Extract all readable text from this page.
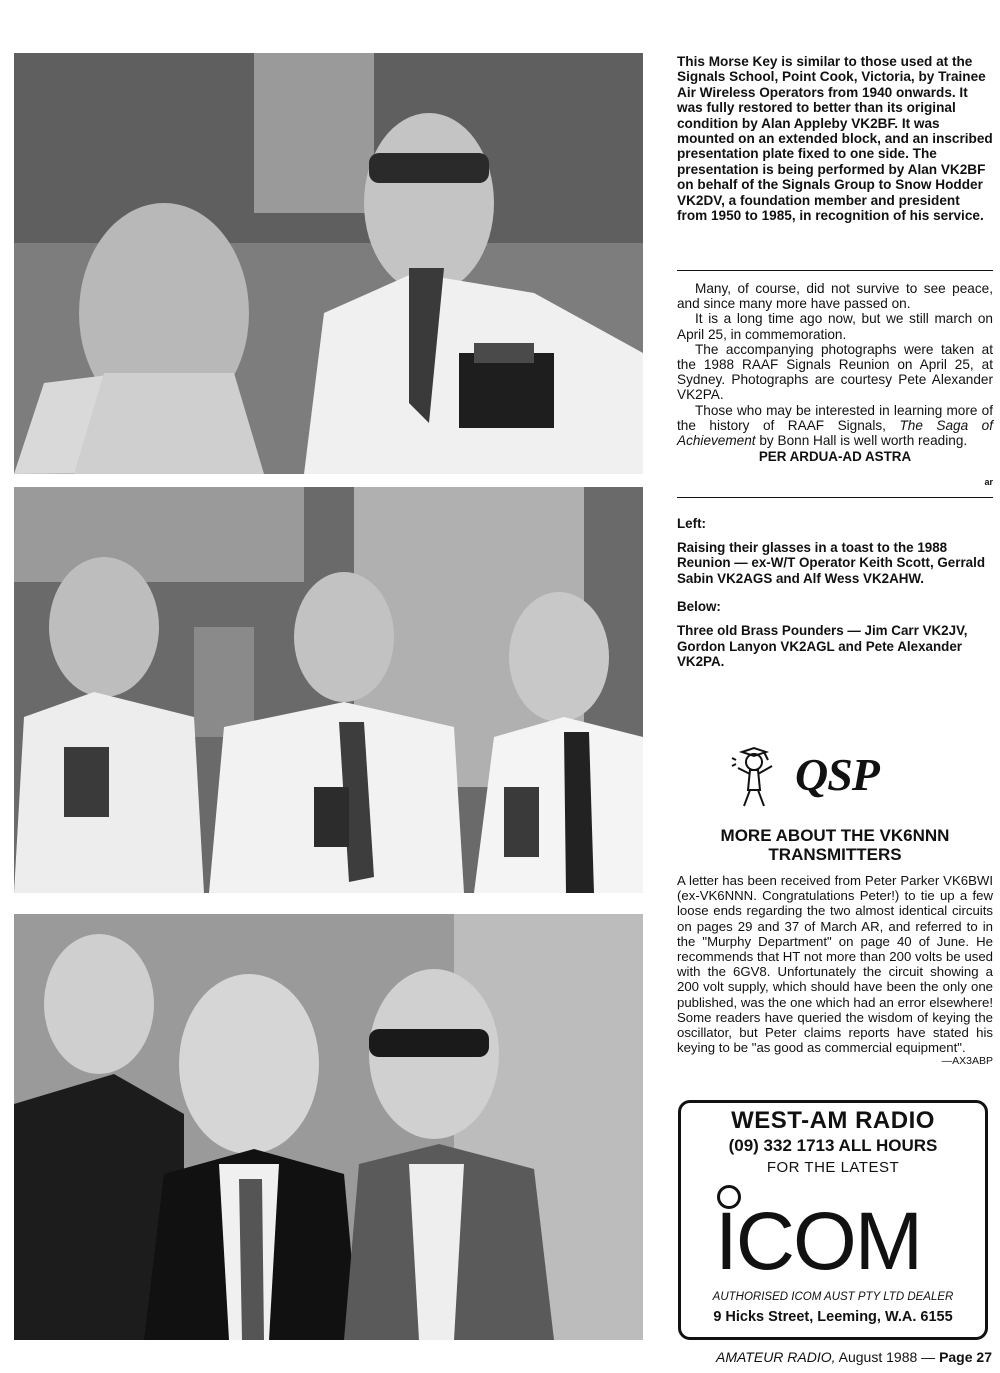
This Morse Key is similar to those used at the Signals School, Point Cook, Victoria, by Trainee Air Wireless Operators from 1940 onwards. It was fully restored to better than its original condition by Alan Appleby VK2BF. It was mounted on an extended block, and an inscribed presentation plate fixed to one side. The presentation is being performed by Alan VK2BF on behalf of the Signals Group to Snow Hodder VK2DV, a foundation member and president from 1950 to 1985, in recognition of his service.

Many, of course, did not survive to see peace, and since many more have passed on.

It is a long time ago now, but we still march on April 25, in commemoration.

The accompanying photographs were taken at the 1988 RAAF Signals Reunion on April 25, at Sydney. Photographs are courtesy Pete Alexander VK2PA.

Those who may be interested in learning more of the history of RAAF Signals, The Saga of Achievement by Bonn Hall is well worth reading.

PER ARDUA-AD ASTRA
ar
Left:
Raising their glasses in a toast to the 1988 Reunion — ex-W/T Operator Keith Scott, Gerrald Sabin VK2AGS and Alf Wess VK2AHW.
Below:
Three old Brass Pounders — Jim Carr VK2JV, Gordon Lanyon VK2AGL and Pete Alexander VK2PA.
QSP
MORE ABOUT THE VK6NNN
TRANSMITTERS
A letter has been received from Peter Parker VK6BWI (ex-VK6NNN. Congratulations Peter!) to tie up a few loose ends regarding the two almost identical circuits on pages 29 and 37 of March AR, and referred to in the "Murphy Department" on page 40 of June. He recommends that HT not more than 200 volts be used with the 6GV8. Unfortunately the circuit showing a 200 volt supply, which should have been the only one published, was the one which had an error elsewhere! Some readers have queried the wisdom of keying the oscillator, but Peter claims reports have stated his keying to be "as good as commercial equipment".
—AX3ABP
WEST-AM RADIO
(09) 332 1713 ALL HOURS
FOR THE LATEST
ICOM
AUTHORISED ICOM AUST PTY LTD DEALER
9 Hicks Street, Leeming, W.A. 6155
AMATEUR RADIO, August 1988 — Page 27
